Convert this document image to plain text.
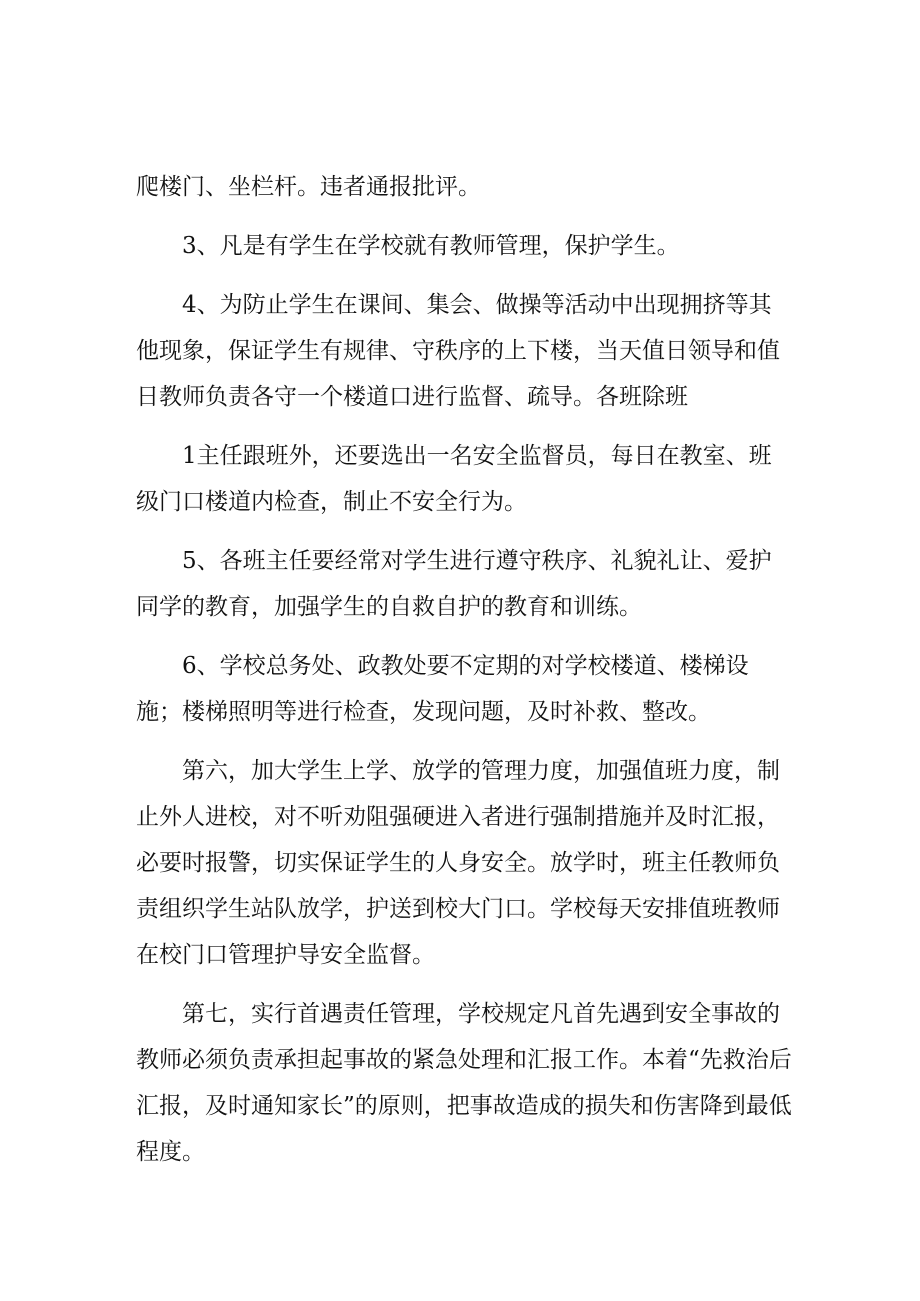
爬楼门、坐栏杆。违者通报批评。

3、凡是有学生在学校就有教师管理，保护学生。

4、为防止学生在课间、集会、做操等活动中出现拥挤等其
他现象，保证学生有规律、守秩序的上下楼，当天值日领导和值
日教师负责各守一个楼道口进行监督、疏导。各班除班

1主任跟班外，还要选出一名安全监督员，每日在教室、班
级门口楼道内检查，制止不安全行为。

5、各班主任要经常对学生进行遵守秩序、礼貌礼让、爱护
同学的教育，加强学生的自救自护的教育和训练。

6、学校总务处、政教处要不定期的对学校楼道、楼梯设
施；楼梯照明等进行检查，发现问题，及时补救、整改。

第六，加大学生上学、放学的管理力度，加强值班力度，制
止外人进校，对不听劝阻强硬进入者进行强制措施并及时汇报，
必要时报警，切实保证学生的人身安全。放学时，班主任教师负
责组织学生站队放学，护送到校大门口。学校每天安排值班教师
在校门口管理护导安全监督。

第七，实行首遇责任管理，学校规定凡首先遇到安全事故的
教师必须负责承担起事故的紧急处理和汇报工作。本着“先救治后
汇报，及时通知家长”的原则，把事故造成的损失和伤害降到最低
程度。
